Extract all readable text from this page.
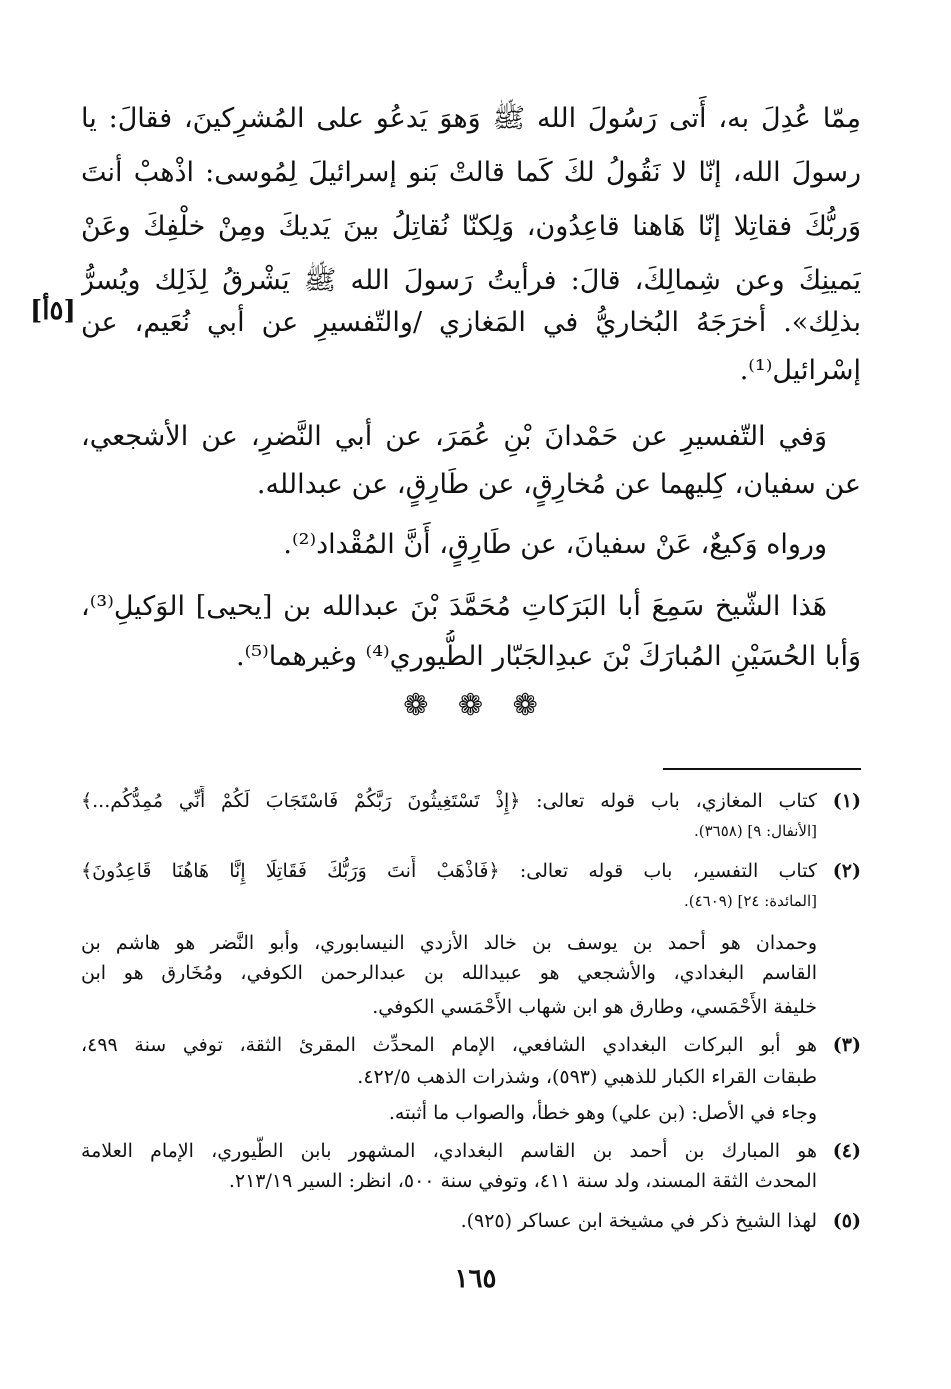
مِمّا عُدِلَ به، أَتى رَسُولَ الله ﷺ وَهوَ يَدعُو على المُشرِكينَ، فقالَ: يا
رسولَ الله، إنّا لا نَقُولُ لكَ كَما قالتْ بَنو إسرائيلَ لِمُوسى: اذْهبْ أنتَ
وَربُّكَ فقاتِلا إنّا هَاهنا قاعِدُون، وَلِكنّا نُقاتِلُ بينَ يَديكَ ومِنْ خلْفِكَ وعَنْ
يَمينِكَ وعن شِمالِكَ، قالَ: فرأيتُ رَسولَ الله ﷺ يَشْرقُ لِذَلِك ويُسرُّ
بذلِك». أخرَجَهُ البُخاريُّ في المَغازي /والتّفسيرِ عن أبي نُعَيم، عن
إسْرائيل⁽¹⁾.
وَفي التّفسيرِ عن حَمْدانَ بْنِ عُمَرَ، عن أبي النَّضرِ، عن الأشجعي،
عن سفيان، كِليهما عن مُخارِقٍ، عن طَارِقٍ، عن عبدالله.
ورواه وَكيعٌ، عَنْ سفيانَ، عن طَارِقٍ، أَنَّ المُقْداد⁽²⁾.
هَذا الشّيخ سَمِعَ أبا البَرَكاتِ مُحَمَّدَ بْنَ عبدالله بن [يحيى] الوَكيلِ⁽³⁾،
وَأبا الحُسَيْنِ المُبارَكَ بْنَ عبدِالجَبّار الطُّيوري⁽⁴⁾ وغيرهما⁽⁵⁾.
[٥أ]
❁ ❁ ❁
(١)
كتاب المغازي، باب قوله تعالى: ﴿إِذْ تَسْتَغِيثُونَ رَبَّكُمْ فَاسْتَجَابَ لَكُمْ أَنِّي مُمِدُّكُم...﴾
[الأنفال: ٩] (٣٦٥٨).
(٢)
كتاب التفسير، باب قوله تعالى: ﴿فَاذْهَبْ أَنتَ وَرَبُّكَ فَقَاتِلَا إِنَّا هَاهُنَا قَاعِدُونَ﴾
[المائدة: ٢٤] (٤٦٠٩).
وحمدان هو أحمد بن يوسف بن خالد الأزدي النيسابوري، وأبو النَّضر هو هاشم بن
القاسم البغدادي، والأشجعي هو عبيدالله بن عبدالرحمن الكوفي، ومُخَارق هو ابن
خليفة الأَحْمَسي، وطارق هو ابن شهاب الأَحْمَسي الكوفي.
(٣)
هو أبو البركات البغدادي الشافعي، الإمام المحدِّث المقرئ الثقة، توفي سنة ٤٩٩،
طبقات القراء الكبار للذهبي (٥٩٣)، وشذرات الذهب ٤٢٢/٥.
وجاء في الأصل: (بن علي) وهو خطأ، والصواب ما أثبته.
(٤)
هو المبارك بن أحمد بن القاسم البغدادي، المشهور بابن الطُّيوري، الإمام العلامة
المحدث الثقة المسند، ولد سنة ٤١١، وتوفي سنة ٥٠٠، انظر: السير ٢١٣/١٩.
(٥)
لهذا الشيخ ذكر في مشيخة ابن عساكر (٩٢٥).
١٦٥
